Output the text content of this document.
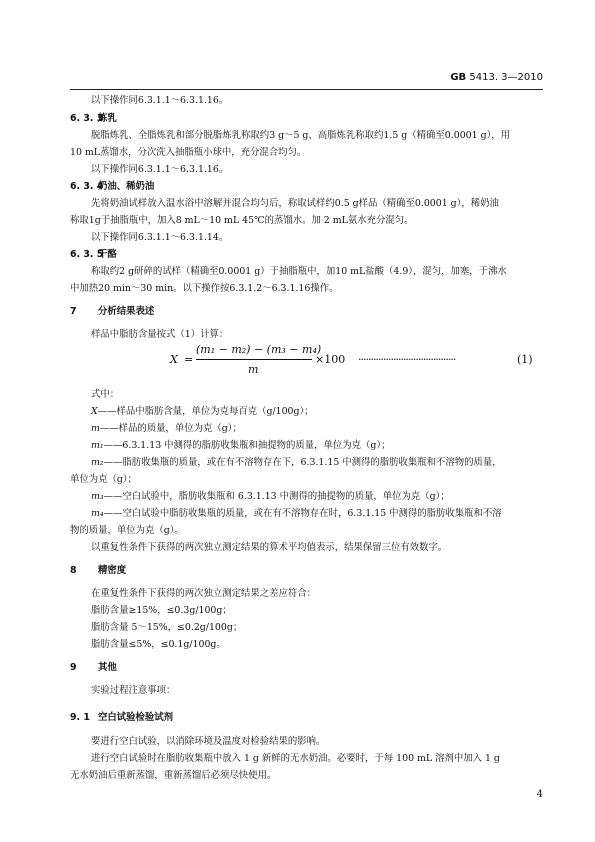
GB 5413. 3—2010
以下操作同6.3.1.1～6.3.1.16。
6. 3. 3炼乳
脱脂炼乳、全脂炼乳和部分脱脂炼乳称取约3 g～5 g、高脂炼乳称取约1.5 g（精确至0.0001 g），用
10 mL蒸馏水，分次洗入抽脂瓶小球中，充分混合均匀。
以下操作同6.3.1.1～6.3.1.16。
6. 3. 4奶油、稀奶油
先将奶油试样放入温水浴中溶解并混合均匀后，称取试样约0.5 g样品（精确至0.0001 g），稀奶油
称取1g于抽脂瓶中，加入8 mL～10 mL 45℃的蒸馏水。加 2 mL氨水充分混匀。
以下操作同6.3.1.1～6.3.1.14。
6. 3. 5干酪
称取约2 g研碎的试样（精确至0.0001 g）于抽脂瓶中，加10 mL盐酸（4.9），混匀，加塞，于沸水
中加热20 min～30 min。以下操作按6.3.1.2～6.3.1.16操作。
7 分析结果表述
样品中脂肪含量按式（1）计算：
X =
(m₁ − m₂) − (m₃ − m₄)
m
×100 ·······································	(1)
式中：
X——样品中脂肪含量，单位为克每百克（g/100g）；
m——样品的质量，单位为克（g）；
m₁——6.3.1.13 中测得的脂肪收集瓶和抽提物的质量，单位为克（g）；
m₂——脂肪收集瓶的质量，或在有不溶物存在下，6.3.1.15 中测得的脂肪收集瓶和不溶物的质量，
单位为克（g）；
m₃——空白试验中，脂肪收集瓶和 6.3.1.13 中测得的抽提物的质量，单位为克（g）；
m₄——空白试验中脂肪收集瓶的质量，或在有不溶物存在时，6.3.1.15 中测得的脂肪收集瓶和不溶
物的质量，单位为克（g）。
以重复性条件下获得的两次独立测定结果的算术平均值表示，结果保留三位有效数字。
8 精密度
在重复性条件下获得的两次独立测定结果之差应符合：
脂肪含量≥15%，≤0.3g/100g；
脂肪含量 5～15%，≤0.2g/100g；
脂肪含量≤5%，≤0.1g/100g。
9 其他
实验过程注意事项：
9. 1 空白试验检验试剂
要进行空白试验，以消除环境及温度对检验结果的影响。
进行空白试验时在脂肪收集瓶中放入 1 g 新鲜的无水奶油。必要时，于每 100 mL 溶剂中加入 1 g
无水奶油后重新蒸馏，重新蒸馏后必须尽快使用。
4
